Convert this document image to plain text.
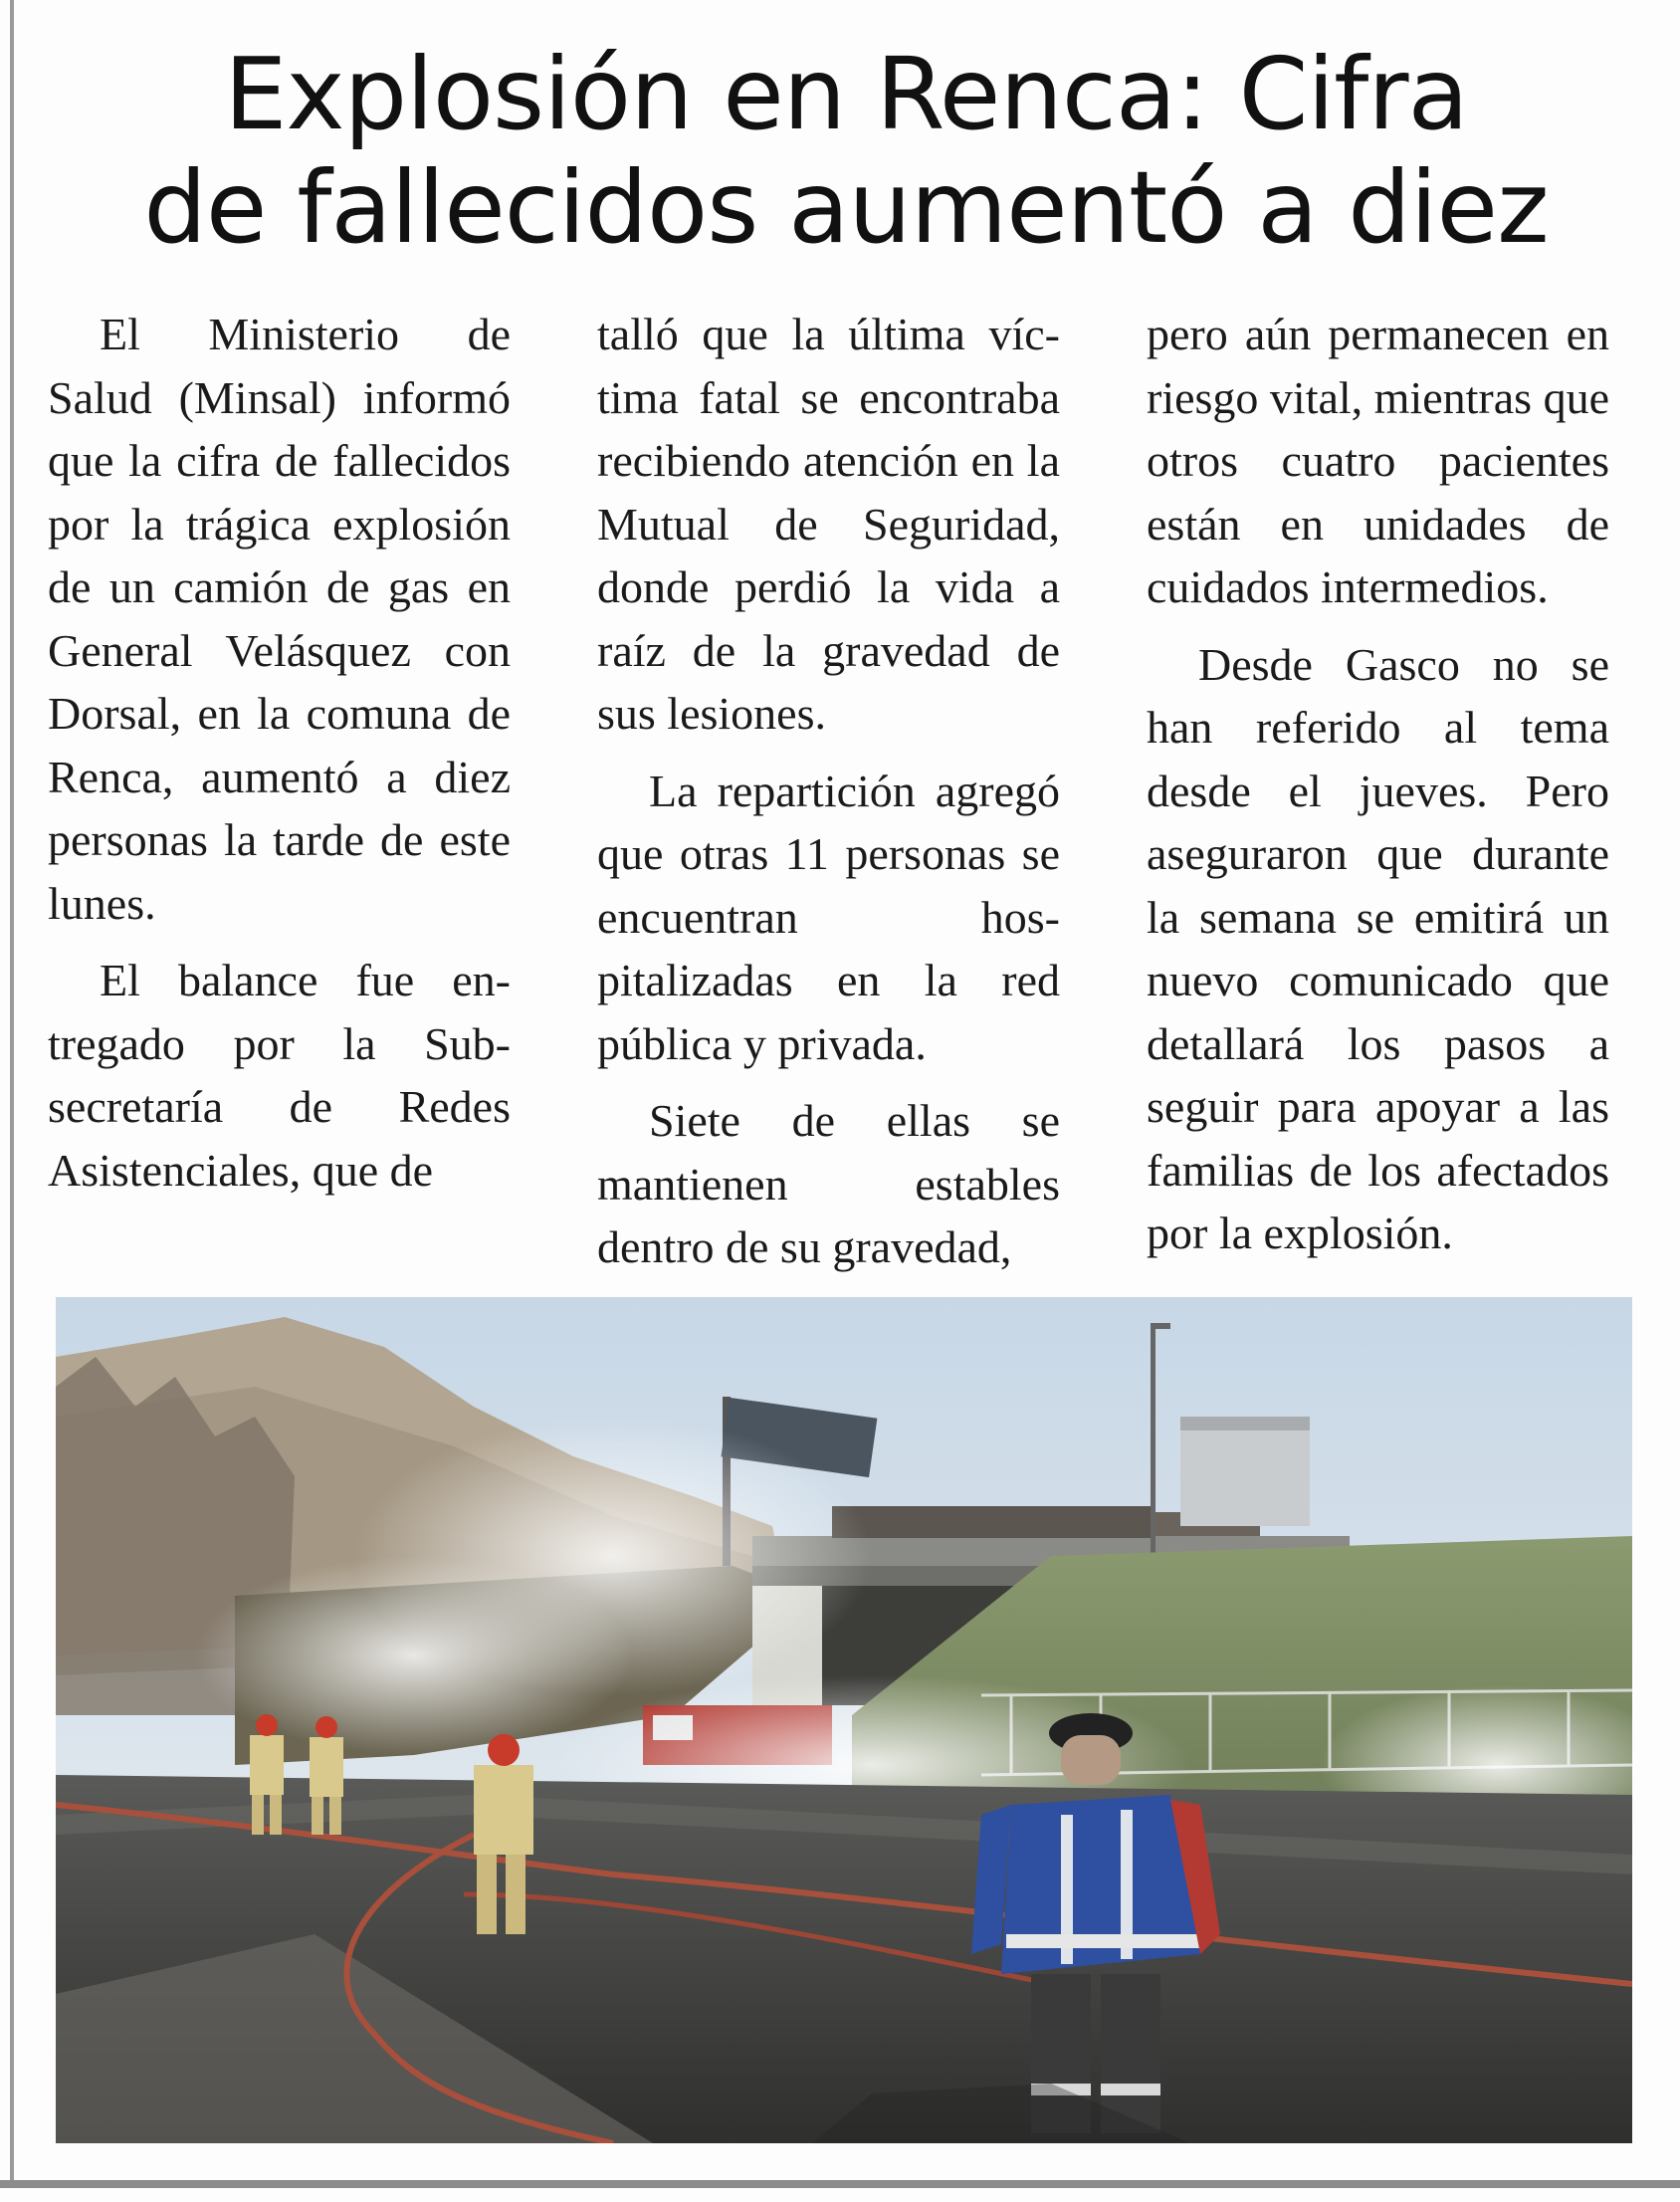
Explosión en Renca: Cifra
de fallecidos aumentó a diez

El Ministerio de Salud (Minsal) informó que la cifra de fallecidos por la trágica explosión de un camión de gas en General Velásquez con Dorsal, en la comuna de Renca, aumentó a diez personas la tarde de este lunes.

El balance fue entregado por la Subsecretaría de Redes Asistenciales, que de

talló que la última víctima fatal se encontraba recibiendo atención en la Mutual de Seguridad, donde perdió la vida a raíz de la gravedad de sus lesiones.

La repartición agregó que otras 11 personas se encuentran hospitalizadas en la red pública y privada.

Siete de ellas se mantienen estables dentro de su gravedad,

pero aún permanecen en riesgo vital, mientras que otros cuatro pacientes están en unidades de cuidados intermedios.

Desde Gasco no se han referido al tema desde el jueves. Pero aseguraron que durante la semana se emitirá un nuevo comunicado que detallará los pasos a seguir para apoyar a las familias de los afectados por la explosión.
